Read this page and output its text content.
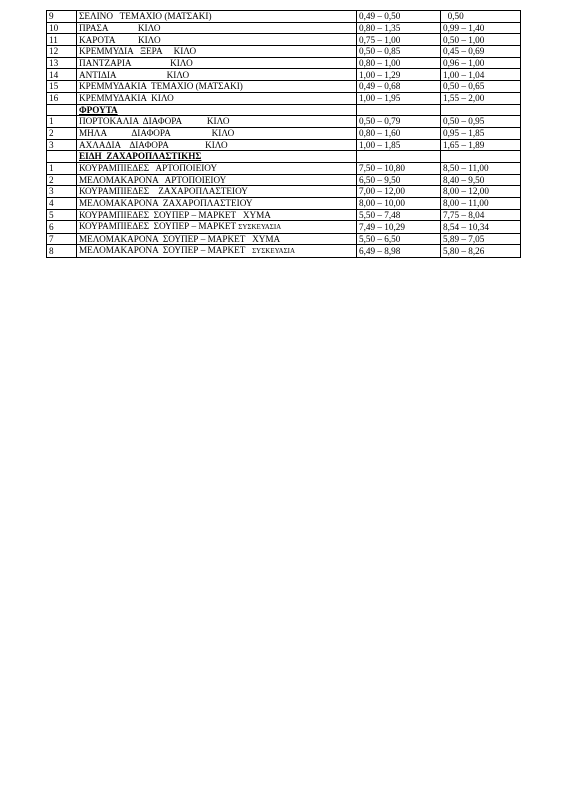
9	ΣΕΛΙΝΟ   ΤΕΜΑΧΙΟ (ΜΑΤΣΑΚΙ)	0,49 – 0,50	0,50
10	ΠΡΑΣΑ             ΚΙΛΟ	0,80 – 1,35	0,99 – 1,40
11	ΚΑΡΟΤΑ          ΚΙΛΟ	0,75 – 1,00	0,50 – 1,00
12	ΚΡΕΜΜΥΔΙΑ   ΞΕΡΑ     ΚΙΛΟ	0,50 – 0,85	0,45 – 0,69
13	ΠΑΝΤΖΑΡΙΑ                 ΚΙΛΟ	0,80 – 1,00	0,96 – 1,00
14	ΑΝΤΙΔΙΑ                      ΚΙΛΟ	1,00 – 1,29	1,00 – 1,04
15	ΚΡΕΜΜΥΔΑΚΙΑ  ΤΕΜΑΧΙΟ (ΜΑΤΣΑΚΙ)	0,49 – 0,68	0,50 – 0,65
16	ΚΡΕΜΜΥΔΑΚΙΑ  ΚΙΛΟ	1,00 – 1,95	1,55 – 2,00
	ΦΡΟΥΤΑ		
1	ΠΟΡΤΟΚΑΛΙΑ  ΔΙΑΦΟΡΑ           ΚΙΛΟ	0,50 – 0,79	0,50 – 0,95
2	ΜΗΛΑ           ΔΙΑΦΟΡΑ                  ΚΙΛΟ	0,80 – 1,60	0,95 – 1,85
3	ΑΧΛΑΔΙΑ    ΔΙΑΦΟΡΑ                ΚΙΛΟ	1,00 – 1,85	1,65 – 1,89
	ΕΙΔΗ  ΖΑΧΑΡΟΠΛΑΣΤΙΚΗΣ		
1	ΚΟΥΡΑΜΠΙΕΔΕΣ   ΑΡΤΟΠΟΙΕΙΟΥ	7,50 – 10,80	8,50 – 11,00
2	ΜΕΛΟΜΑΚΑΡΟΝΑ   ΑΡΤΟΠΟΙΕΙΟΥ	6,50 – 9,50	8,40 – 9,50
3	ΚΟΥΡΑΜΠΙΕΔΕΣ    ΖΑΧΑΡΟΠΛΑΣΤΕΙΟΥ	7,00 – 12,00	8,00 – 12,00
4	ΜΕΛΟΜΑΚΑΡΟΝΑ  ΖΑΧΑΡΟΠΛΑΣΤΕΙΟΥ	8,00 – 10,00	8,00 – 11,00
5	ΚΟΥΡΑΜΠΙΕΔΕΣ  ΣΟΥΠΕΡ – ΜΑΡΚΕΤ   ΧΥΜΑ	5,50 – 7,48	7,75 – 8,04
6	ΚΟΥΡΑΜΠΙΕΔΕΣ  ΣΟΥΠΕΡ – ΜΑΡΚΕΤ ΣΥΣΚΕΥΑΣΙΑ	7,49 – 10,29	8,54 – 10,34
7	ΜΕΛΟΜΑΚΑΡΟΝΑ  ΣΟΥΠΕΡ – ΜΑΡΚΕΤ   ΧΥΜΑ	5,50 – 6,50	5,89 – 7,05
8	ΜΕΛΟΜΑΚΑΡΟΝΑ  ΣΟΥΠΕΡ – ΜΑΡΚΕΤ   ΣΥΣΚΕΥΑΣΙΑ	6,49 – 8,98	5,80 – 8,26
